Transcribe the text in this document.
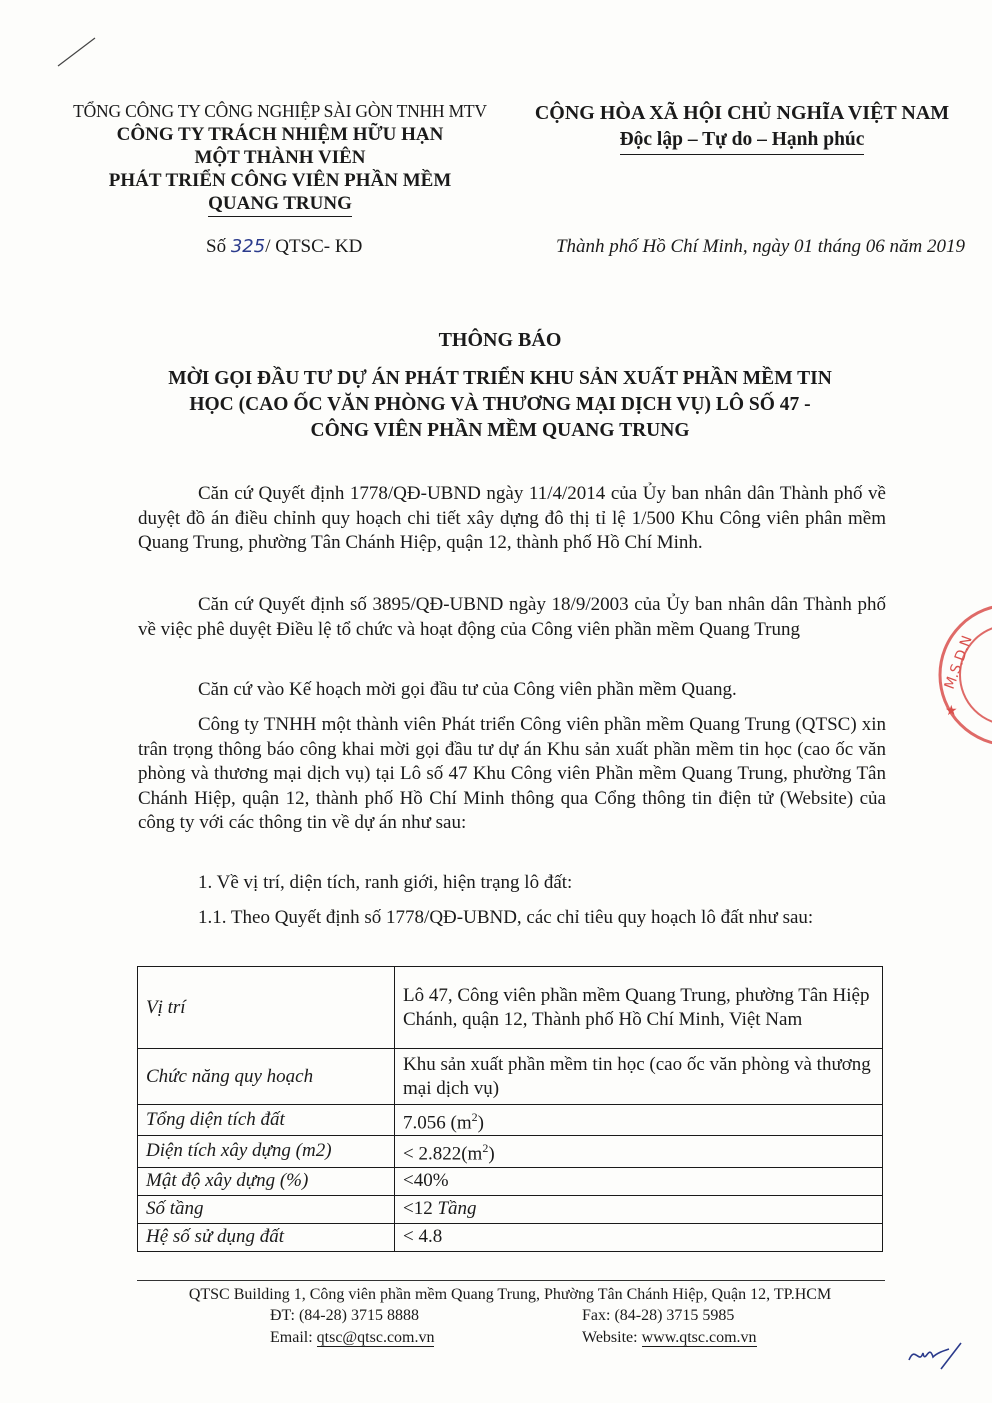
TỔNG CÔNG TY CÔNG NGHIỆP SÀI GÒN TNHH MTV
CÔNG TY TRÁCH NHIỆM HỮU HẠN
MỘT THÀNH VIÊN
PHÁT TRIỂN CÔNG VIÊN PHẦN MỀM
QUANG TRUNG
CỘNG HÒA XÃ HỘI CHỦ NGHĨA VIỆT NAM
Độc lập – Tự do – Hạnh phúc
Số 325/ QTSC- KD	Thành phố Hồ Chí Minh, ngày 01 tháng 06 năm 2019
THÔNG BÁO
MỜI GỌI ĐẦU TƯ DỰ ÁN PHÁT TRIỂN KHU SẢN XUẤT PHẦN MỀM TIN
HỌC (CAO ỐC VĂN PHÒNG VÀ THƯƠNG MẠI DỊCH VỤ) LÔ SỐ 47 -
CÔNG VIÊN PHẦN MỀM QUANG TRUNG
Căn cứ Quyết định 1778/QĐ-UBND ngày 11/4/2014 của Ủy ban nhân dân Thành phố về duyệt đồ án điều chỉnh quy hoạch chi tiết xây dựng đô thị tỉ lệ 1/500 Khu Công viên phân mềm Quang Trung, phường Tân Chánh Hiệp, quận 12, thành phố Hồ Chí Minh.
Căn cứ Quyết định số 3895/QĐ-UBND ngày 18/9/2003 của Ủy ban nhân dân Thành phố về việc phê duyệt Điều lệ tổ chức và hoạt động của Công viên phần mềm Quang Trung
Căn cứ vào Kế hoạch mời gọi đầu tư của Công viên phần mềm Quang.
Công ty TNHH một thành viên Phát triển Công viên phần mềm Quang Trung (QTSC) xin trân trọng thông báo công khai mời gọi đầu tư dự án Khu sản xuất phần mềm tin học (cao ốc văn phòng và thương mại dịch vụ) tại Lô số 47 Khu Công viên Phần mềm Quang Trung, phường Tân Chánh Hiệp, quận 12, thành phố Hồ Chí Minh thông qua Cổng thông tin điện tử (Website) của công ty với các thông tin về dự án như sau:
1. Về vị trí, diện tích, ranh giới, hiện trạng lô đất:
1.1. Theo Quyết định số 1778/QĐ-UBND, các chỉ tiêu quy hoạch lô đất như sau:
Vị trí	Lô 47, Công viên phần mềm Quang Trung, phường Tân Hiệp Chánh, quận 12, Thành phố Hồ Chí Minh, Việt Nam
Chức năng quy hoạch	Khu sản xuất phần mềm tin học (cao ốc văn phòng và thương mại dịch vụ)
Tổng diện tích đất	7.056 $(m^2)$
Diện tích xây dựng (m2)	< $2.822(m^2)$
Mật độ xây dựng (%)	<40%
Số tầng	<12 Tầng
Hệ số sử dụng đất	< 4.8
QTSC Building 1, Công viên phần mềm Quang Trung, Phường Tân Chánh Hiệp, Quận 12, TP.HCM
ĐT: (84-28) 3715 8888	Fax: (84-28) 3715 5985
Email: qtsc@qtsc.com.vn	Website: www.qtsc.com.vn
M.S.D.N
★
